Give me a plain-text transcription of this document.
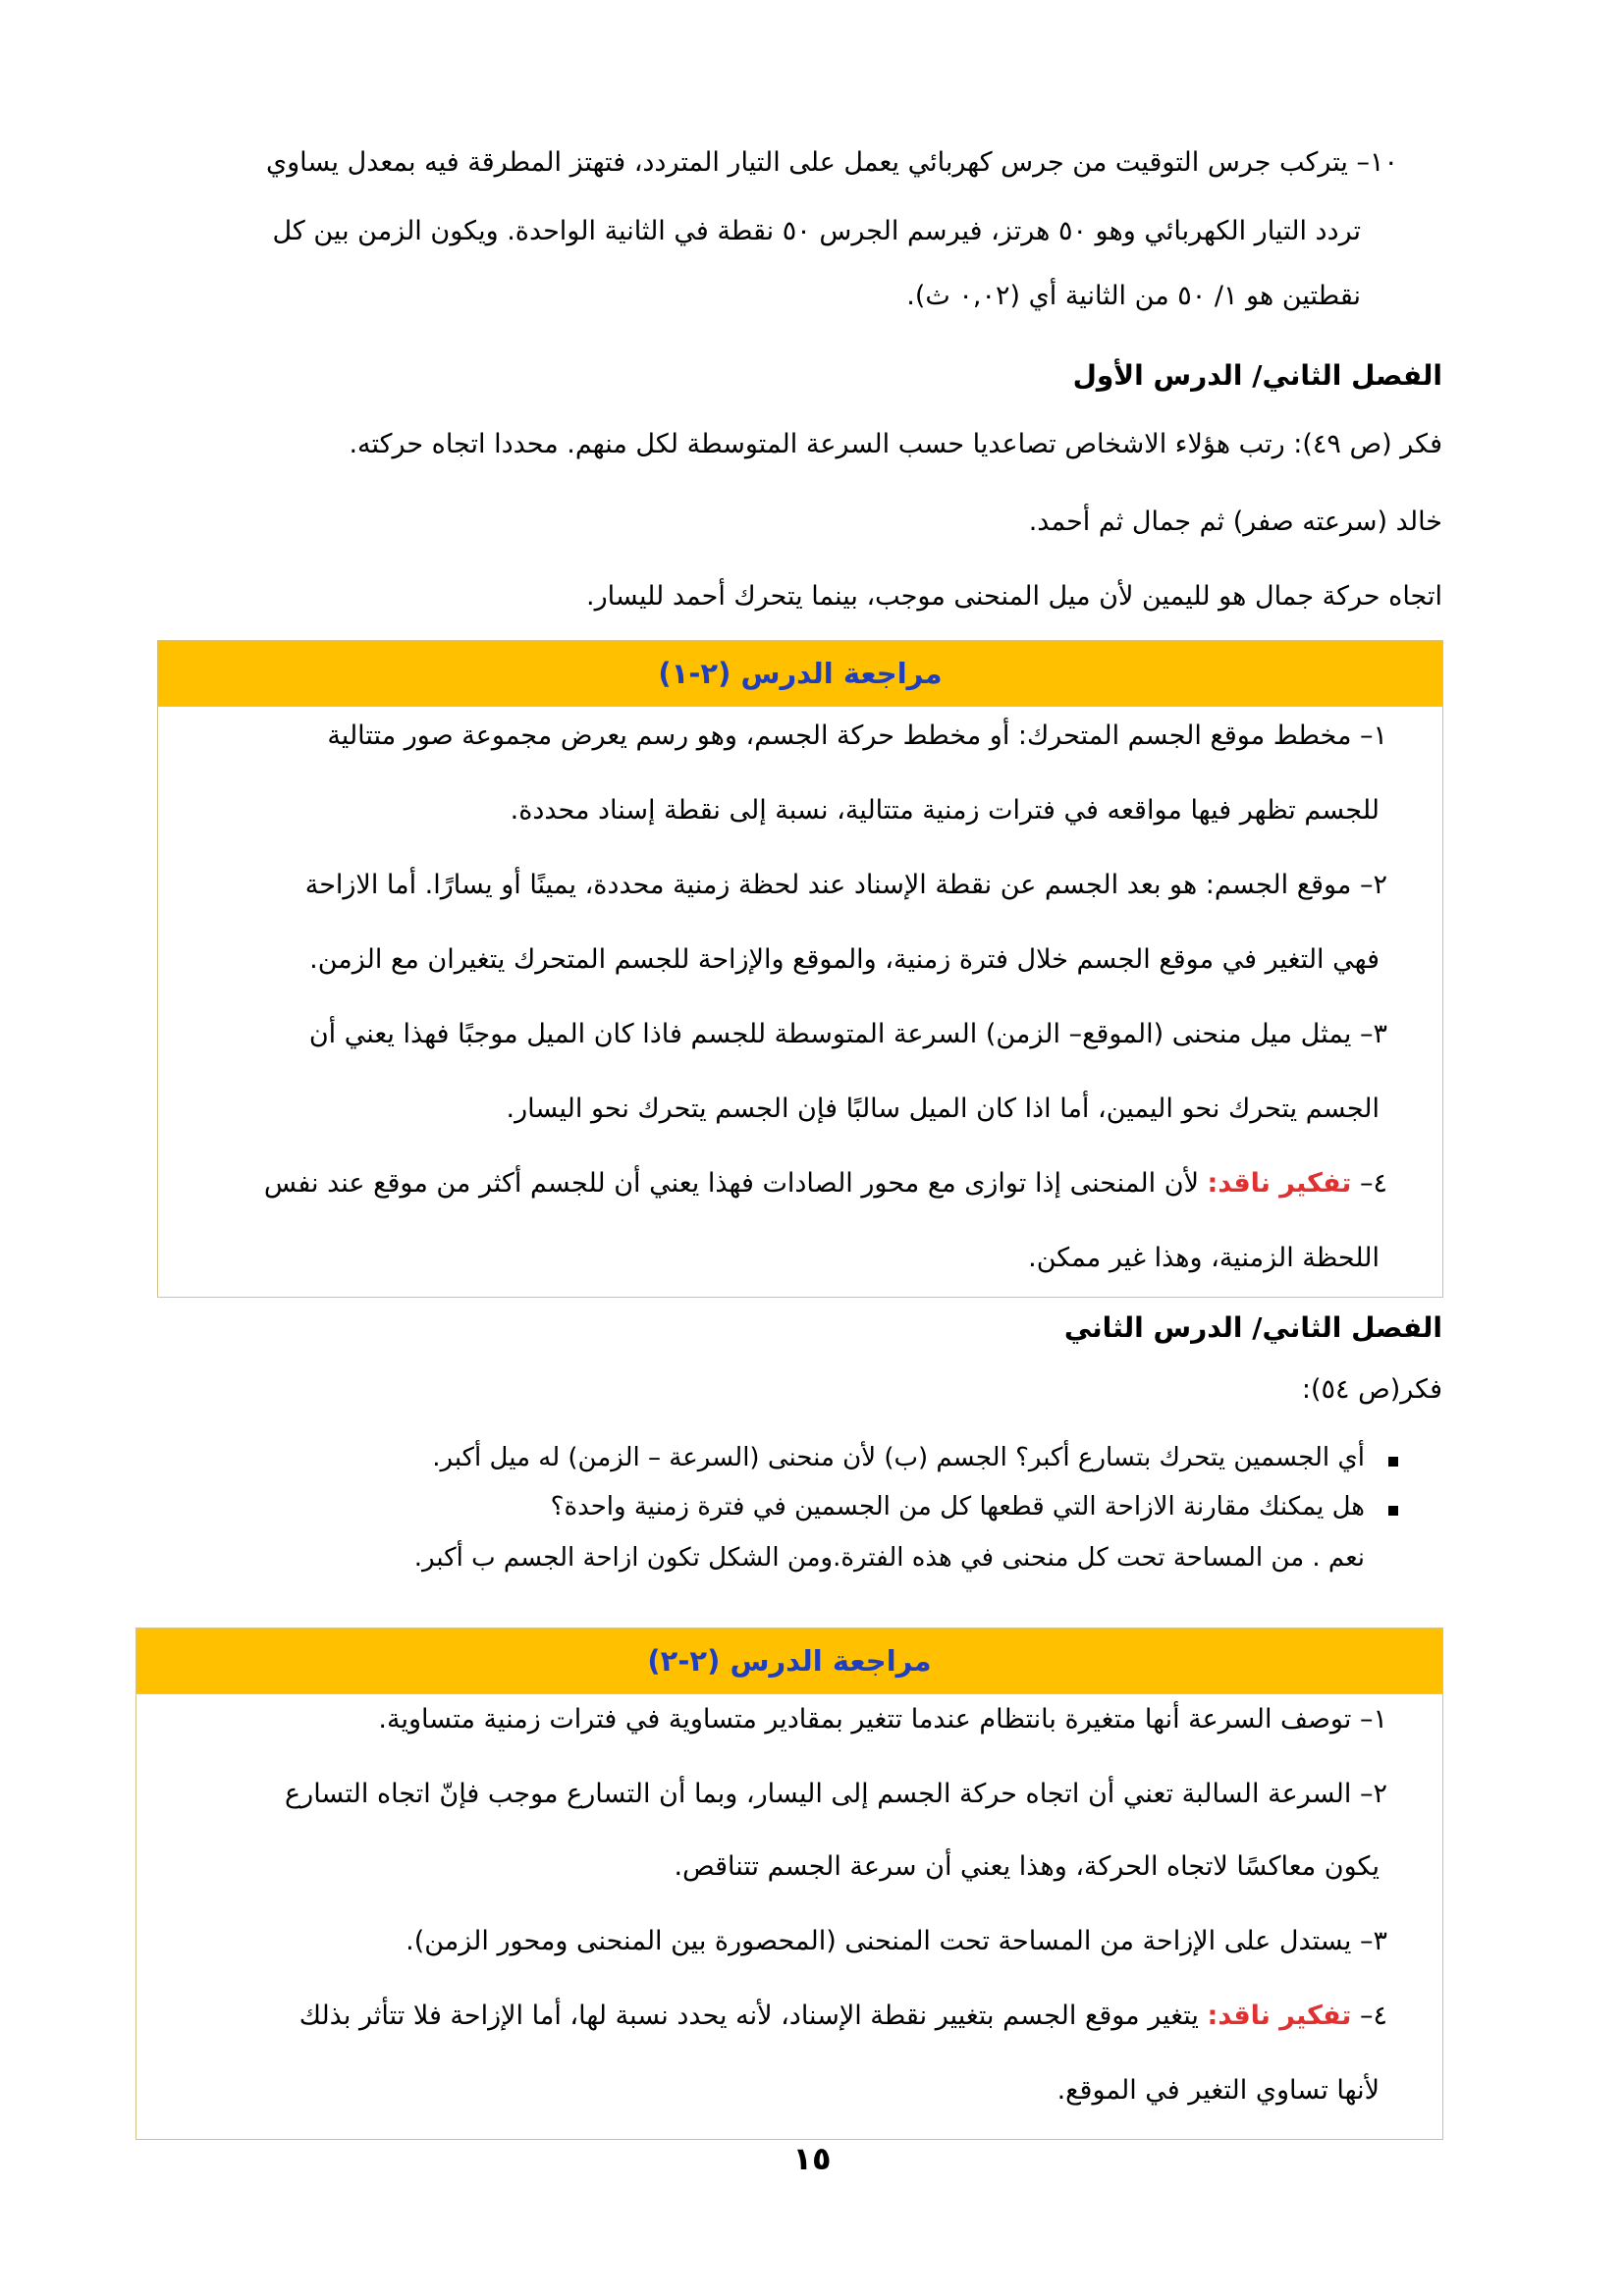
١٠– يتركب جرس التوقيت من جرس كهربائي يعمل على التيار المتردد، فتهتز المطرقة فيه بمعدل يساوي
تردد التيار الكهربائي وهو ٥٠ هرتز، فيرسم الجرس ٥٠ نقطة في الثانية الواحدة. ويكون الزمن بين كل
نقطتين هو ١/ ٥٠ من الثانية أي (٠,٠٢ ث).
الفصل الثاني/ الدرس الأول
فكر (ص ٤٩): رتب هؤلاء الاشخاص تصاعديا حسب السرعة المتوسطة لكل منهم. محددا اتجاه حركته.
خالد (سرعته صفر) ثم جمال ثم أحمد.
اتجاه حركة جمال هو لليمين لأن ميل المنحنى موجب، بينما يتحرك أحمد لليسار.
مراجعة الدرس (٢-١)
١– مخطط موقع الجسم المتحرك: أو مخطط حركة الجسم، وهو رسم يعرض مجموعة صور متتالية
للجسم تظهر فيها مواقعه في فترات زمنية متتالية، نسبة إلى نقطة إسناد محددة.
٢– موقع الجسم: هو بعد الجسم عن نقطة الإسناد عند لحظة زمنية محددة، يمينًا أو يسارًا. أما الازاحة
فهي التغير في موقع الجسم خلال فترة زمنية، والموقع والإزاحة للجسم المتحرك يتغيران مع الزمن.
٣– يمثل ميل منحنى (الموقع– الزمن) السرعة المتوسطة للجسم فاذا كان الميل موجبًا فهذا يعني أن
الجسم يتحرك نحو اليمين، أما اذا كان الميل سالبًا فإن الجسم يتحرك نحو اليسار.
٤– تفكير ناقد: لأن المنحنى إذا توازى مع محور الصادات فهذا يعني أن للجسم أكثر من موقع عند نفس
اللحظة الزمنية، وهذا غير ممكن.
الفصل الثاني/ الدرس الثاني
فكر(ص ٥٤):
أي الجسمين يتحرك بتسارع أكبر؟ الجسم (ب) لأن منحنى (السرعة – الزمن) له ميل أكبر.
هل يمكنك مقارنة الازاحة التي قطعها كل من الجسمين في فترة زمنية واحدة؟
نعم . من المساحة تحت كل منحنى في هذه الفترة.ومن الشكل تكون ازاحة الجسم ب أكبر.
مراجعة الدرس (٢-٢)
١– توصف السرعة أنها متغيرة بانتظام عندما تتغير بمقادير متساوية في فترات زمنية متساوية.
٢– السرعة السالبة تعني أن اتجاه حركة الجسم إلى اليسار، وبما أن التسارع موجب فإنّ اتجاه التسارع
يكون معاكسًا لاتجاه الحركة، وهذا يعني أن سرعة الجسم تتناقص.
٣– يستدل على الإزاحة من المساحة تحت المنحنى (المحصورة بين المنحنى ومحور الزمن).
٤– تفكير ناقد: يتغير موقع الجسم بتغيير نقطة الإسناد، لأنه يحدد نسبة لها، أما الإزاحة فلا تتأثر بذلك
لأنها تساوي التغير في الموقع.
١٥
